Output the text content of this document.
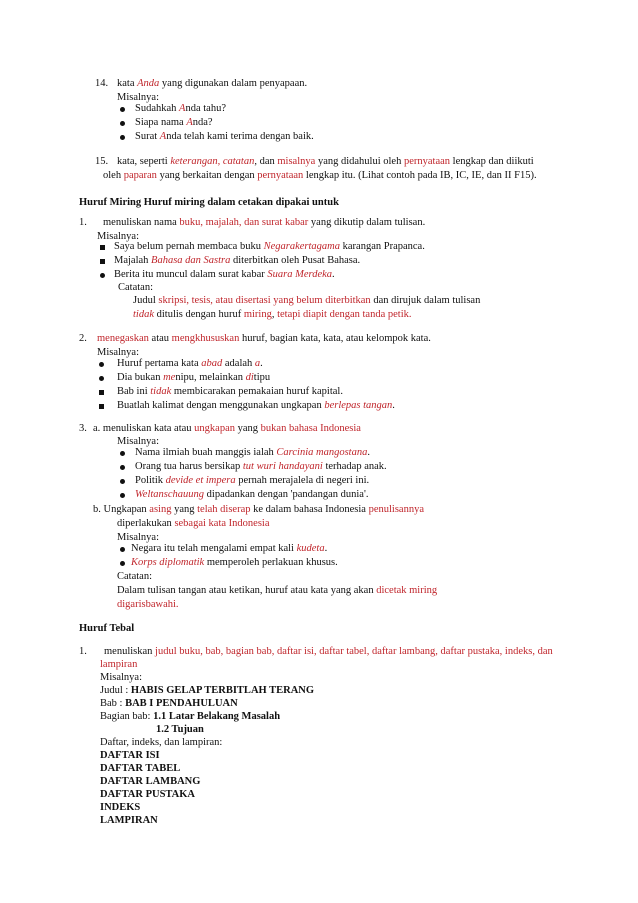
14. kata Anda yang digunakan dalam penyapaan.
Misalnya:
Sudahkah Anda tahu?
Siapa nama Anda?
Surat Anda telah kami terima dengan baik.
15. kata, seperti keterangan, catatan, dan misalnya yang didahului oleh pernyataan lengkap dan diikuti
oleh paparan yang berkaitan dengan pernyataan lengkap itu. (Lihat contoh pada IB, IC, IE, dan II F15).
Huruf Miring Huruf miring dalam cetakan dipakai untuk
1. menuliskan nama buku, majalah, dan surat kabar yang dikutip dalam tulisan.
Misalnya:
Saya belum pernah membaca buku Negarakertagama karangan Prapanca.
Majalah Bahasa dan Sastra diterbitkan oleh Pusat Bahasa.
Berita itu muncul dalam surat kabar Suara Merdeka.
Catatan:
Judul skripsi, tesis, atau disertasi yang belum diterbitkan dan dirujuk dalam tulisan
tidak ditulis dengan huruf miring, tetapi diapit dengan tanda petik.
2. menegaskan atau mengkhususkan huruf, bagian kata, kata, atau kelompok kata.
Misalnya:
Huruf pertama kata abad adalah a.
Dia bukan menipu, melainkan ditipu
Bab ini tidak membicarakan pemakaian huruf kapital.
Buatlah kalimat dengan menggunakan ungkapan berlepas tangan.
3. a. menuliskan kata atau ungkapan yang bukan bahasa Indonesia
Misalnya:
Nama ilmiah buah manggis ialah Carcinia mangostana.
Orang tua harus bersikap tut wuri handayani terhadap anak.
Politik devide et impera pernah merajalela di negeri ini.
Weltanschauung dipadankan dengan 'pandangan dunia'.
b. Ungkapan asing yang telah diserap ke dalam bahasa Indonesia penulisannya
diperlakukan sebagai kata Indonesia
Misalnya:
Negara itu telah mengalami empat kali kudeta.
Korps diplomatik memperoleh perlakuan khusus.
Catatan:
Dalam tulisan tangan atau ketikan, huruf atau kata yang akan dicetak miring
digarisbawahi.
Huruf Tebal
1. menuliskan judul buku, bab, bagian bab, daftar isi, daftar tabel, daftar lambang, daftar pustaka, indeks, dan
lampiran
Misalnya:
Judul : HABIS GELAP TERBITLAH TERANG
Bab : BAB I PENDAHULUAN
Bagian bab: 1.1 Latar Belakang Masalah
1.2 Tujuan
Daftar, indeks, dan lampiran:
DAFTAR ISI
DAFTAR TABEL
DAFTAR LAMBANG
DAFTAR PUSTAKA
INDEKS
LAMPIRAN
